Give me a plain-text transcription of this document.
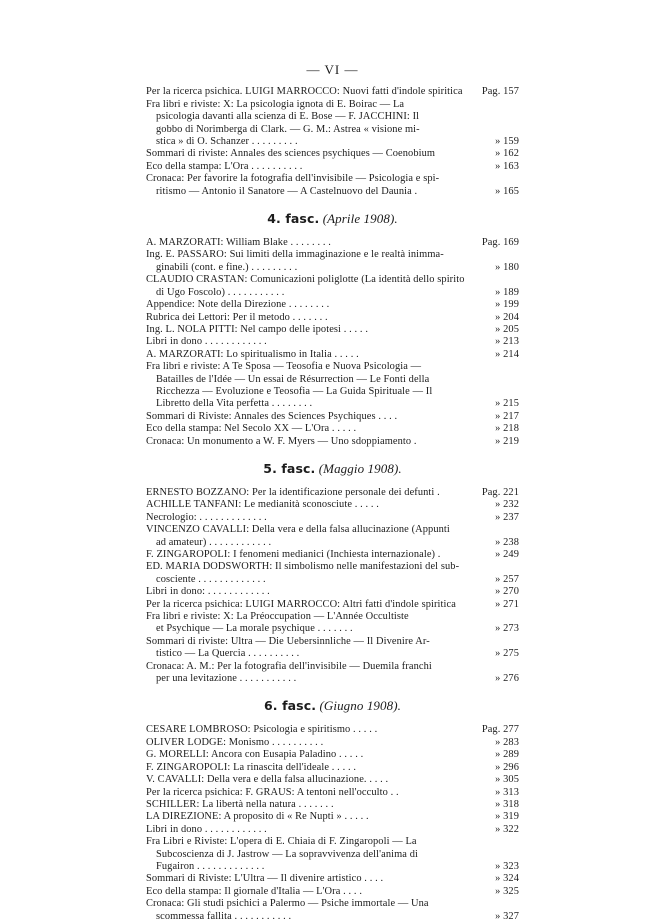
— VI —
Per la ricerca psichica. LUIGI MARROCCO: Nuovi fatti d'indole spiritica	Pag. 157
Fra libri e riviste: X: La psicologia ignota di E. Boirac — La
psicologia davanti alla scienza di E. Bose — F. JACCHINI: Il
gobbo di Norimberga di Clark. — G. M.: Astrea « visione mi-
stica » di O. Schanzer . . . . . . . . .	» 159
Sommari di riviste: Annales des sciences psychiques — Coenobium	» 162
Eco della stampa: L'Ora . . . . . . . . . .	» 163
Cronaca: Per favorire la fotografia dell'invisibile — Psicologia e spi-
ritismo — Antonio il Sanatore — A Castelnuovo del Daunia .	» 165
4. fasc. (Aprile 1908).
A. MARZORATI: William Blake . . . . . . . .	Pag. 169
Ing. E. PASSARO: Sui limiti della immaginazione e le realtà inimma-
ginabili (cont. e fine.) . . . . . . . . .	» 180
CLAUDIO CRASTAN: Comunicazioni poliglotte (La identità dello spirito
di Ugo Foscolo) . . . . . . . . . . .	» 189
Appendice: Note della Direzione . . . . . . . .	» 199
Rubrica dei Lettori: Per il metodo . . . . . . .	» 204
Ing. L. NOLA PITTI: Nel campo delle ipotesi . . . . .	» 205
Libri in dono . . . . . . . . . . . .	» 213
A. MARZORATI: Lo spiritualismo in Italia . . . . .	» 214
Fra libri e riviste: A Te Sposa — Teosofia e Nuova Psicologia —
Batailles de l'Idée — Un essai de Résurrection — Le Fonti della
Ricchezza — Evoluzione e Teosofia — La Guida Spirituale — Il
Libretto della Vita perfetta . . . . . . . .	» 215
Sommari di Riviste: Annales des Sciences Psychiques . . . .	» 217
Eco della stampa: Nel Secolo XX — L'Ora . . . . .	» 218
Cronaca: Un monumento a W. F. Myers — Uno sdoppiamento .	» 219
5. fasc. (Maggio 1908).
ERNESTO BOZZANO: Per la identificazione personale dei defunti .	Pag. 221
ACHILLE TANFANI: Le medianità sconosciute . . . . .	» 232
Necrologio: . . . . . . . . . . . . .	» 237
VINCENZO CAVALLI: Della vera e della falsa allucinazione (Appunti
ad amateur) . . . . . . . . . . . .	» 238
F. ZINGAROPOLI: I fenomeni medianici (Inchiesta internazionale) .	» 249
ED. MARIA DODSWORTH: Il simbolismo nelle manifestazioni del sub-
cosciente . . . . . . . . . . . . .	» 257
Libri in dono: . . . . . . . . . . . .	» 270
Per la ricerca psichica: LUIGI MARROCCO: Altri fatti d'indole spiritica	» 271
Fra libri e riviste: X: La Préoccupation — L'Année Occultiste
et Psychique — La morale psychique . . . . . . .	» 273
Sommari di riviste: Ultra — Die Uebersinnliche — Il Divenire Ar-
tistico — La Quercia . . . . . . . . . .	» 275
Cronaca: A. M.: Per la fotografia dell'invisibile — Duemila franchi
per una levitazione . . . . . . . . . . .	» 276
6. fasc. (Giugno 1908).
CESARE LOMBROSO: Psicologia e spiritismo . . . . .	Pag. 277
OLIVER LODGE: Monismo . . . . . . . . . .	» 283
G. MORELLI: Ancora con Eusapia Paladino . . . . .	» 289
F. ZINGAROPOLI: La rinascita dell'ideale . . . . .	» 296
V. CAVALLI: Della vera e della falsa allucinazione. . . . .	» 305
Per la ricerca psichica: F. GRAUS: A tentoni nell'occulto . .	» 313
SCHILLER: La libertà nella natura . . . . . . .	» 318
LA DIREZIONE: A proposito di « Re Nupti » . . . . .	» 319
Libri in dono . . . . . . . . . . . .	» 322
Fra Libri e Riviste: L'opera di E. Chiaia di F. Zingaropoli — La
Subcoscienza di J. Jastrow — La sopravvivenza dell'anima di
Fugairon . . . . . . . . . . . . .	» 323
Sommari di Riviste: L'Ultra — Il divenire artistico . . . .	» 324
Eco della stampa: Il giornale d'Italia — L'Ora . . . .	» 325
Cronaca: Gli studi psichici a Palermo — Psiche immortale — Una
scommessa fallita . . . . . . . . . . .	» 327
